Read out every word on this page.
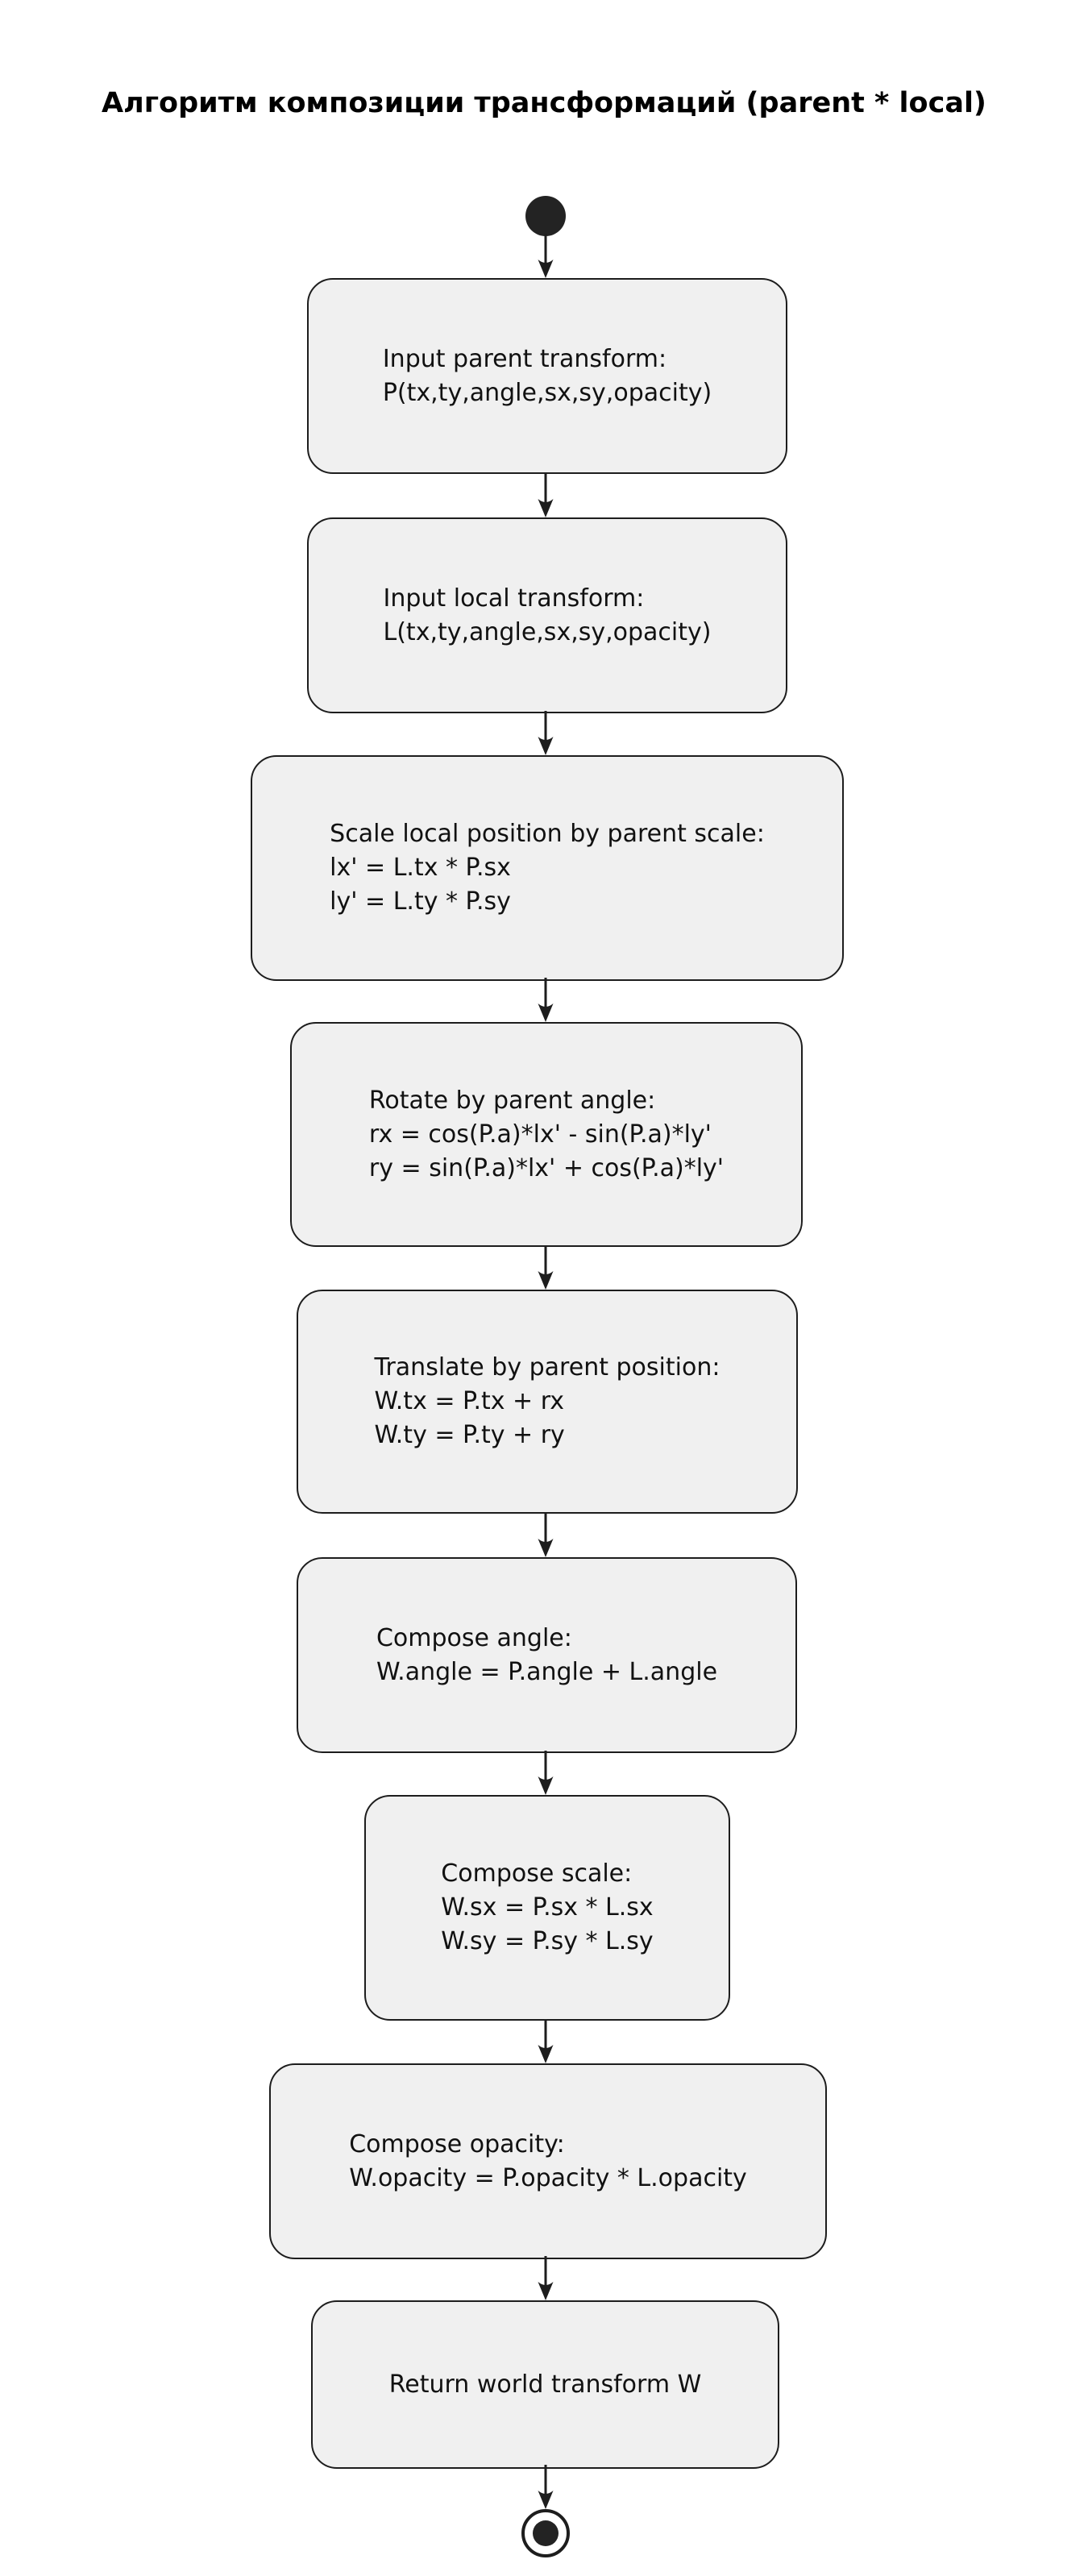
Алгоритм композиции трансформаций (parent * local)
Input parent transform:
P(tx,ty,angle,sx,sy,opacity)
Input local transform:
L(tx,ty,angle,sx,sy,opacity)
Scale local position by parent scale:
lx' = L.tx * P.sx
ly' = L.ty * P.sy
Rotate by parent angle:
rx = cos(P.a)*lx' - sin(P.a)*ly'
ry = sin(P.a)*lx' + cos(P.a)*ly'
Translate by parent position:
W.tx = P.tx + rx
W.ty = P.ty + ry
Compose angle:
W.angle = P.angle + L.angle
Compose scale:
W.sx = P.sx * L.sx
W.sy = P.sy * L.sy
Compose opacity:
W.opacity = P.opacity * L.opacity
Return world transform W
